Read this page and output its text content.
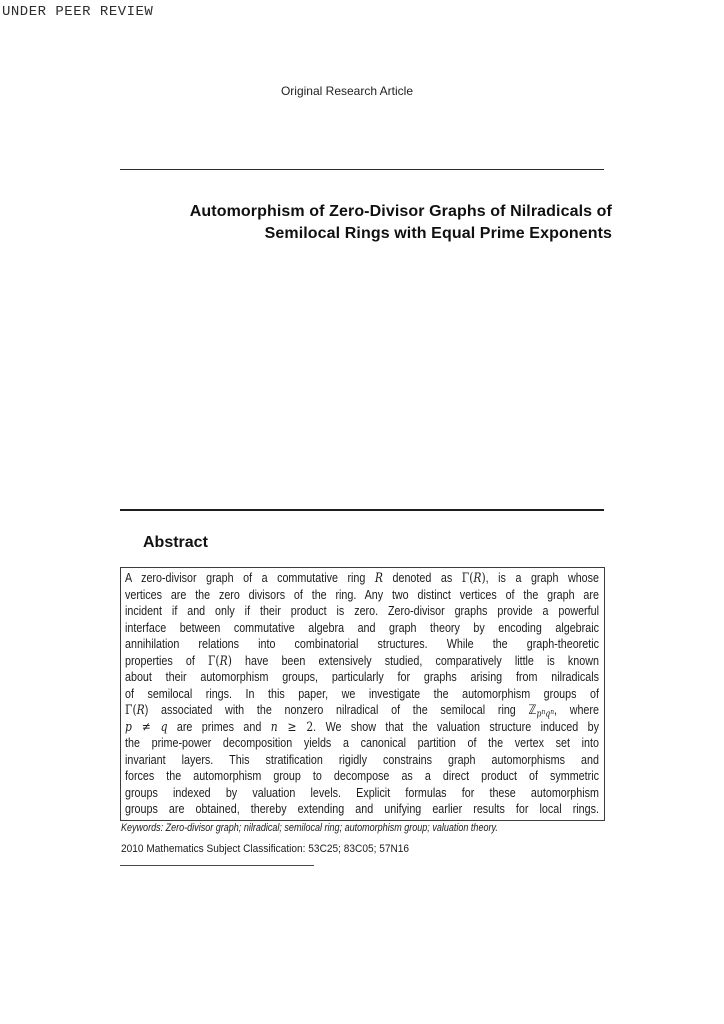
UNDER PEER REVIEW
Original Research Article
Automorphism of Zero-Divisor Graphs of Nilradicals of
Semilocal Rings with Equal Prime Exponents
Abstract
A zero-divisor graph of a commutative ring R denoted as Γ(R), is a graph whose
vertices are the zero divisors of the ring. Any two distinct vertices of the graph are
incident if and only if their product is zero. Zero-divisor graphs provide a powerful
interface between commutative algebra and graph theory by encoding algebraic
annihilation relations into combinatorial structures. While the graph-theoretic
properties of Γ(R) have been extensively studied, comparatively little is known
about their automorphism groups, particularly for graphs arising from nilradicals
of semilocal rings. In this paper, we investigate the automorphism groups of
Γ(R) associated with the nonzero nilradical of the semilocal ring $ℤ_pn_qn$, where
p ≠ q are primes and n ≥ 2. We show that the valuation structure induced by
the prime-power decomposition yields a canonical partition of the vertex set into
invariant layers. This stratification rigidly constrains graph automorphisms and
forces the automorphism group to decompose as a direct product of symmetric
groups indexed by valuation levels. Explicit formulas for these automorphism
groups are obtained, thereby extending and unifying earlier results for local rings.
Keywords: Zero-divisor graph; nilradical; semilocal ring; automorphism group; valuation theory.
2010 Mathematics Subject Classification: 53C25; 83C05; 57N16
